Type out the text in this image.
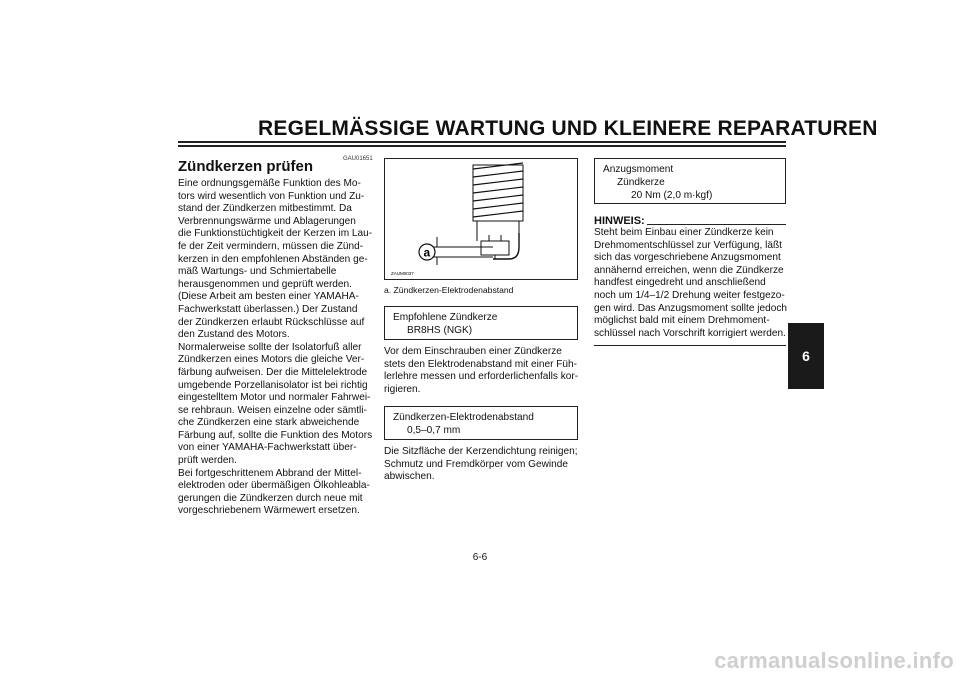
REGELMÄSSIGE WARTUNG UND KLEINERE REPARATUREN
6
GAU01651
Zündkerzen prüfen
Eine ordnungsgemäße Funktion des Mo-
tors wird wesentlich von Funktion und Zu-
stand der Zündkerzen mitbestimmt. Da
Verbrennungswärme und Ablagerungen
die Funktionstüchtigkeit der Kerzen im Lau-
fe der Zeit vermindern, müssen die Zünd-
kerzen in den empfohlenen Abständen ge-
mäß Wartungs- und Schmiertabelle
herausgenommen und geprüft werden.
(Diese Arbeit am besten einer YAMAHA-
Fachwerkstatt überlassen.) Der Zustand
der Zündkerzen erlaubt Rückschlüsse auf
den Zustand des Motors.
Normalerweise sollte der Isolatorfuß aller
Zündkerzen eines Motors die gleiche Ver-
färbung aufweisen. Der die Mittelelektrode
umgebende Porzellanisolator ist bei richtig
eingestelltem Motor und normaler Fahrwei-
se rehbraun. Weisen einzelne oder sämtli-
che Zündkerzen eine stark abweichende
Färbung auf, sollte die Funktion des Motors
von einer YAMAHA-Fachwerkstatt über-
prüft werden.
Bei fortgeschrittenem Abbrand der Mittel-
elektroden oder übermäßigen Ölkohleabla-
gerungen die Zündkerzen durch neue mit
vorgeschriebenem Wärmewert ersetzen.
a
ZAUM0037
a. Zündkerzen-Elektrodenabstand
Empfohlene Zündkerze
BR8HS (NGK)
Vor dem Einschrauben einer Zündkerze
stets den Elektrodenabstand mit einer Füh-
lerlehre messen und erforderlichenfalls kor-
rigieren.
Zündkerzen-Elektrodenabstand
0,5–0,7 mm
Die Sitzfläche der Kerzendichtung reinigen;
Schmutz und Fremdkörper vom Gewinde
abwischen.
Anzugsmoment
Zündkerze
20 Nm (2,0 m·kgf)
HINWEIS:
Steht beim Einbau einer Zündkerze kein
Drehmomentschlüssel zur Verfügung, läßt
sich das vorgeschriebene Anzugsmoment
annähernd erreichen, wenn die Zündkerze
handfest eingedreht und anschließend
noch um 1/4–1/2 Drehung weiter festgezo-
gen wird. Das Anzugsmoment sollte jedoch
möglichst bald mit einem Drehmoment-
schlüssel nach Vorschrift korrigiert werden.
6-6
carmanualsonline.info
